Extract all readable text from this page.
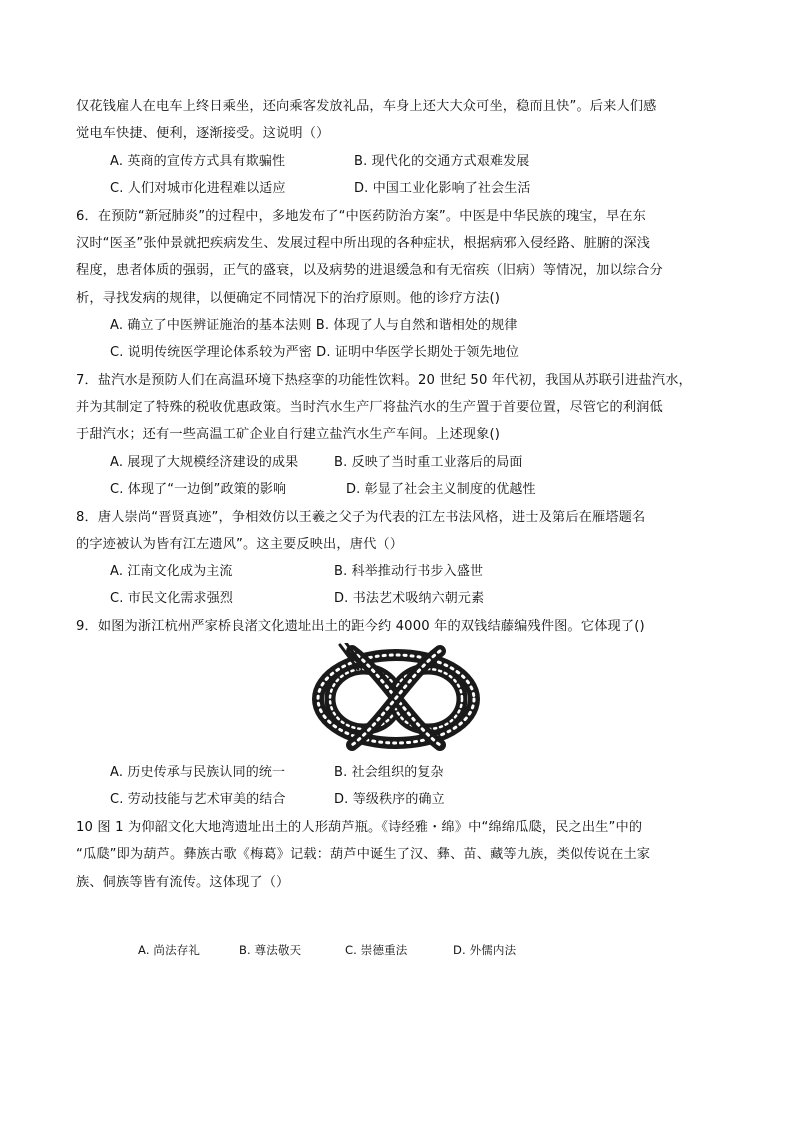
仅花钱雇人在电车上终日乘坐，还向乘客发放礼品，车身上还大大众可坐，稳而且快”。后来人们感
觉电车快捷、便利，逐渐接受。这说明（）
A. 英商的宣传方式具有欺骗性	B. 现代化的交通方式艰难发展
C. 人们对城市化进程难以适应	D. 中国工业化影响了社会生活
6．在预防“新冠肺炎”的过程中，多地发布了“中医药防治方案”。中医是中华民族的瑰宝，早在东
汉时“医圣”张仲景就把疾病发生、发展过程中所出现的各种症状，根据病邪入侵经路、脏腑的深浅
程度，患者体质的强弱，正气的盛衰，以及病势的进退缓急和有无宿疾（旧病）等情况，加以综合分
析，寻找发病的规律，以便确定不同情况下的治疗原则。他的诊疗方法()
A. 确立了中医辨证施治的基本法则 B. 体现了人与自然和谐相处的规律
C. 说明传统医学理论体系较为严密 D. 证明中华医学长期处于领先地位
7．盐汽水是预防人们在高温环境下热痉挛的功能性饮料。20 世纪 50 年代初，我国从苏联引进盐汽水，
并为其制定了特殊的税收优惠政策。当时汽水生产厂将盐汽水的生产置于首要位置，尽管它的利润低
于甜汽水；还有一些高温工矿企业自行建立盐汽水生产车间。上述现象()
A. 展现了大规模经济建设的成果	B. 反映了当时重工业落后的局面
C. 体现了“一边倒”政策的影响	D. 彰显了社会主义制度的优越性
8．唐人崇尚“晋贤真迹”，争相效仿以王羲之父子为代表的江左书法风格，进士及第后在雁塔题名
的字迹被认为皆有江左遗风”。这主要反映出，唐代（）
A. 江南文化成为主流	B. 科举推动行书步入盛世
C. 市民文化需求强烈	D. 书法艺术吸纳六朝元素
9．如图为浙江杭州严家桥良渚文化遗址出土的距今约 4000 年的双钱结藤编残件图。它体现了()
A. 历史传承与民族认同的统一	B. 社会组织的复杂
C. 劳动技能与艺术审美的结合	D. 等级秩序的确立
10 图 1 为仰韶文化大地湾遗址出土的人形葫芦瓶。《诗经雅・绵》中“绵绵瓜瓞，民之出生”中的
“瓜瓞”即为葫芦。彝族古歌《梅葛》记载：葫芦中诞生了汉、彝、苗、藏等九族，类似传说在土家
族、侗族等皆有流传。这体现了（）
A. 尚法存礼	B. 尊法敬天	C. 崇德重法	D. 外儒内法
